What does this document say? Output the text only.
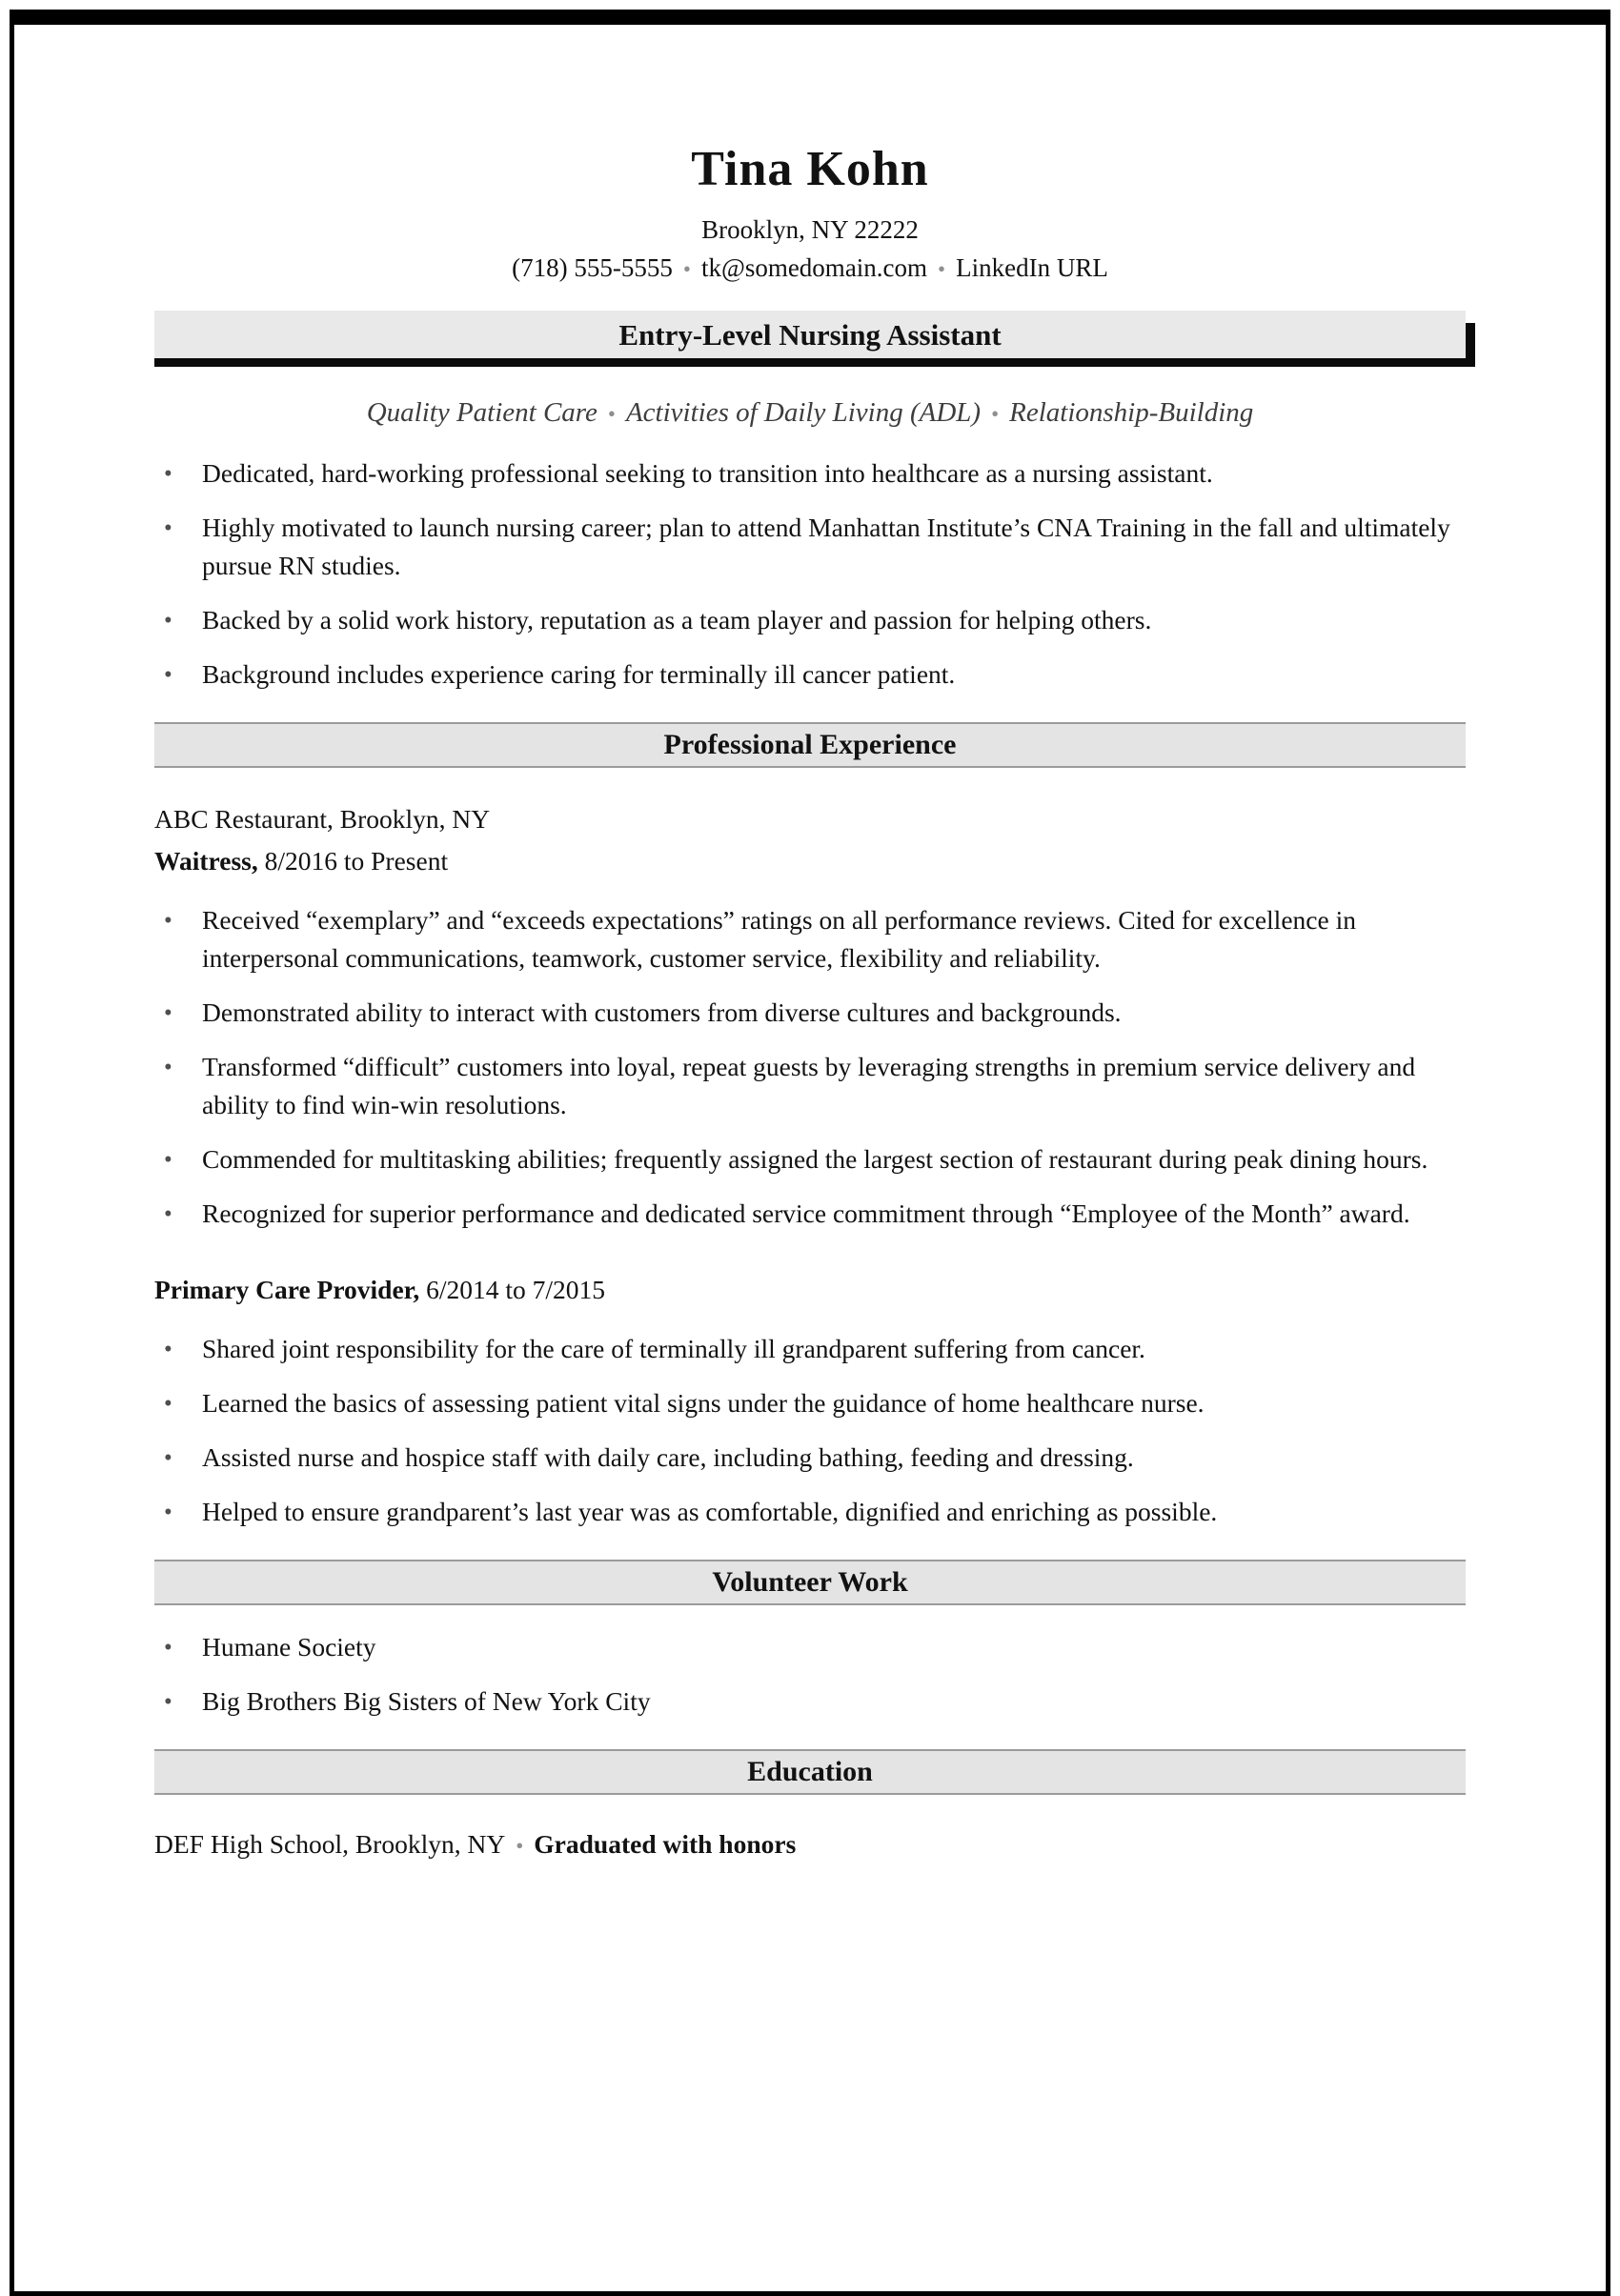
Tina Kohn
Brooklyn, NY 22222
(718) 555-5555 • tk@somedomain.com • LinkedIn URL
Entry-Level Nursing Assistant
Quality Patient Care • Activities of Daily Living (ADL) • Relationship-Building
• Dedicated, hard-working professional seeking to transition into healthcare as a nursing assistant.
• Highly motivated to launch nursing career; plan to attend Manhattan Institute’s CNA Training in the fall and ultimately pursue RN studies.
• Backed by a solid work history, reputation as a team player and passion for helping others.
• Background includes experience caring for terminally ill cancer patient.
Professional Experience

ABC Restaurant, Brooklyn, NY

Waitress, 8/2016 to Present

• Received “exemplary” and “exceeds expectations” ratings on all performance reviews. Cited for excellence in interpersonal communications, teamwork, customer service, flexibility and reliability.
• Demonstrated ability to interact with customers from diverse cultures and backgrounds.
• Transformed “difficult” customers into loyal, repeat guests by leveraging strengths in premium service delivery and ability to find win-win resolutions.
• Commended for multitasking abilities; frequently assigned the largest section of restaurant during peak dining hours.
• Recognized for superior performance and dedicated service commitment through “Employee of the Month” award.

Primary Care Provider, 6/2014 to 7/2015

• Shared joint responsibility for the care of terminally ill grandparent suffering from cancer.
• Learned the basics of assessing patient vital signs under the guidance of home healthcare nurse.
• Assisted nurse and hospice staff with daily care, including bathing, feeding and dressing.
• Helped to ensure grandparent’s last year was as comfortable, dignified and enriching as possible.
Volunteer Work
• Humane Society
• Big Brothers Big Sisters of New York City
Education

DEF High School, Brooklyn, NY • Graduated with honors
